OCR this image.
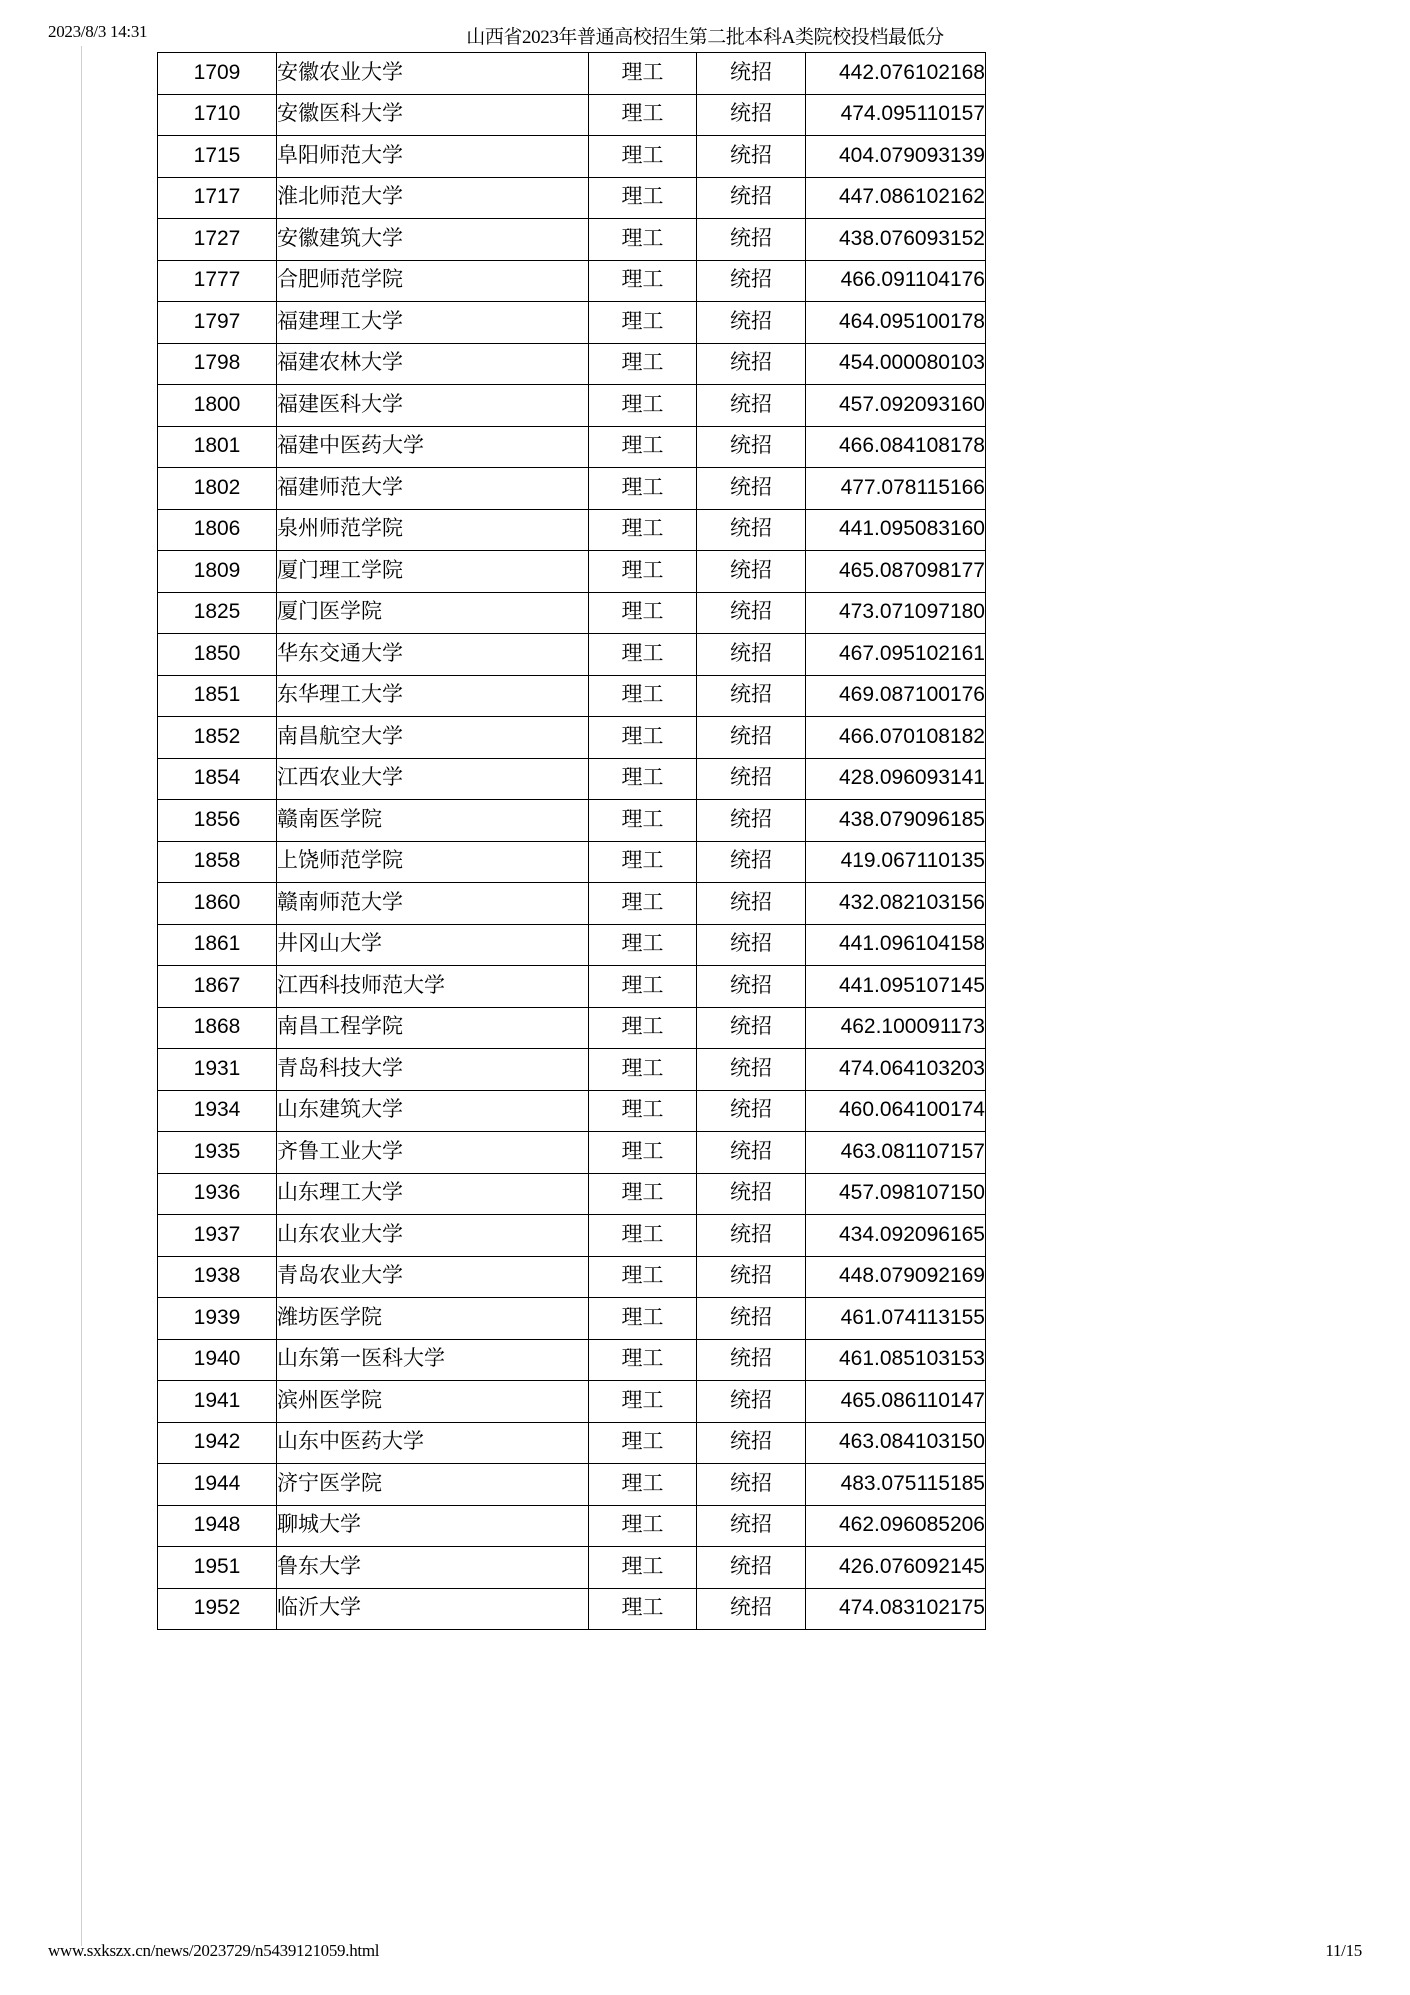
2023/8/3 14:31	山西省2023年普通高校招生第二批本科A类院校投档最低分
1709	安徽农业大学	理工	统招	442.076102168
1710	安徽医科大学	理工	统招	474.095110157
1715	阜阳师范大学	理工	统招	404.079093139
1717	淮北师范大学	理工	统招	447.086102162
1727	安徽建筑大学	理工	统招	438.076093152
1777	合肥师范学院	理工	统招	466.091104176
1797	福建理工大学	理工	统招	464.095100178
1798	福建农林大学	理工	统招	454.000080103
1800	福建医科大学	理工	统招	457.092093160
1801	福建中医药大学	理工	统招	466.084108178
1802	福建师范大学	理工	统招	477.078115166
1806	泉州师范学院	理工	统招	441.095083160
1809	厦门理工学院	理工	统招	465.087098177
1825	厦门医学院	理工	统招	473.071097180
1850	华东交通大学	理工	统招	467.095102161
1851	东华理工大学	理工	统招	469.087100176
1852	南昌航空大学	理工	统招	466.070108182
1854	江西农业大学	理工	统招	428.096093141
1856	赣南医学院	理工	统招	438.079096185
1858	上饶师范学院	理工	统招	419.067110135
1860	赣南师范大学	理工	统招	432.082103156
1861	井冈山大学	理工	统招	441.096104158
1867	江西科技师范大学	理工	统招	441.095107145
1868	南昌工程学院	理工	统招	462.100091173
1931	青岛科技大学	理工	统招	474.064103203
1934	山东建筑大学	理工	统招	460.064100174
1935	齐鲁工业大学	理工	统招	463.081107157
1936	山东理工大学	理工	统招	457.098107150
1937	山东农业大学	理工	统招	434.092096165
1938	青岛农业大学	理工	统招	448.079092169
1939	潍坊医学院	理工	统招	461.074113155
1940	山东第一医科大学	理工	统招	461.085103153
1941	滨州医学院	理工	统招	465.086110147
1942	山东中医药大学	理工	统招	463.084103150
1944	济宁医学院	理工	统招	483.075115185
1948	聊城大学	理工	统招	462.096085206
1951	鲁东大学	理工	统招	426.076092145
1952	临沂大学	理工	统招	474.083102175
www.sxkszx.cn/news/2023729/n5439121059.html	11/15
